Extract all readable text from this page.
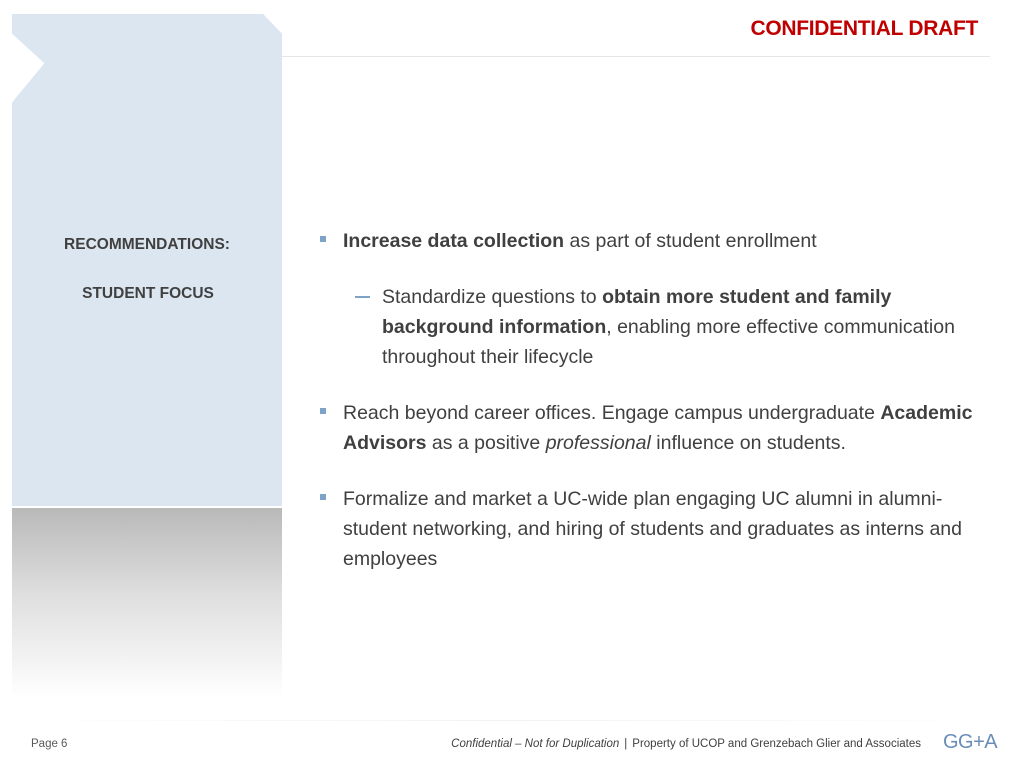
CONFIDENTIAL DRAFT
RECOMMENDATIONS:
STUDENT FOCUS
Increase data collection as part of student enrollment
Standardize questions to obtain more student and family background information, enabling more effective communication throughout their lifecycle
Reach beyond career offices. Engage campus undergraduate Academic Advisors as a positive professional influence on students.
Formalize and market a UC-wide plan engaging UC alumni in alumni-student networking, and hiring of students and graduates as interns and employees
Page 6	Confidential – Not for Duplication | Property of UCOP and Grenzebach Glier and Associates GG+A
